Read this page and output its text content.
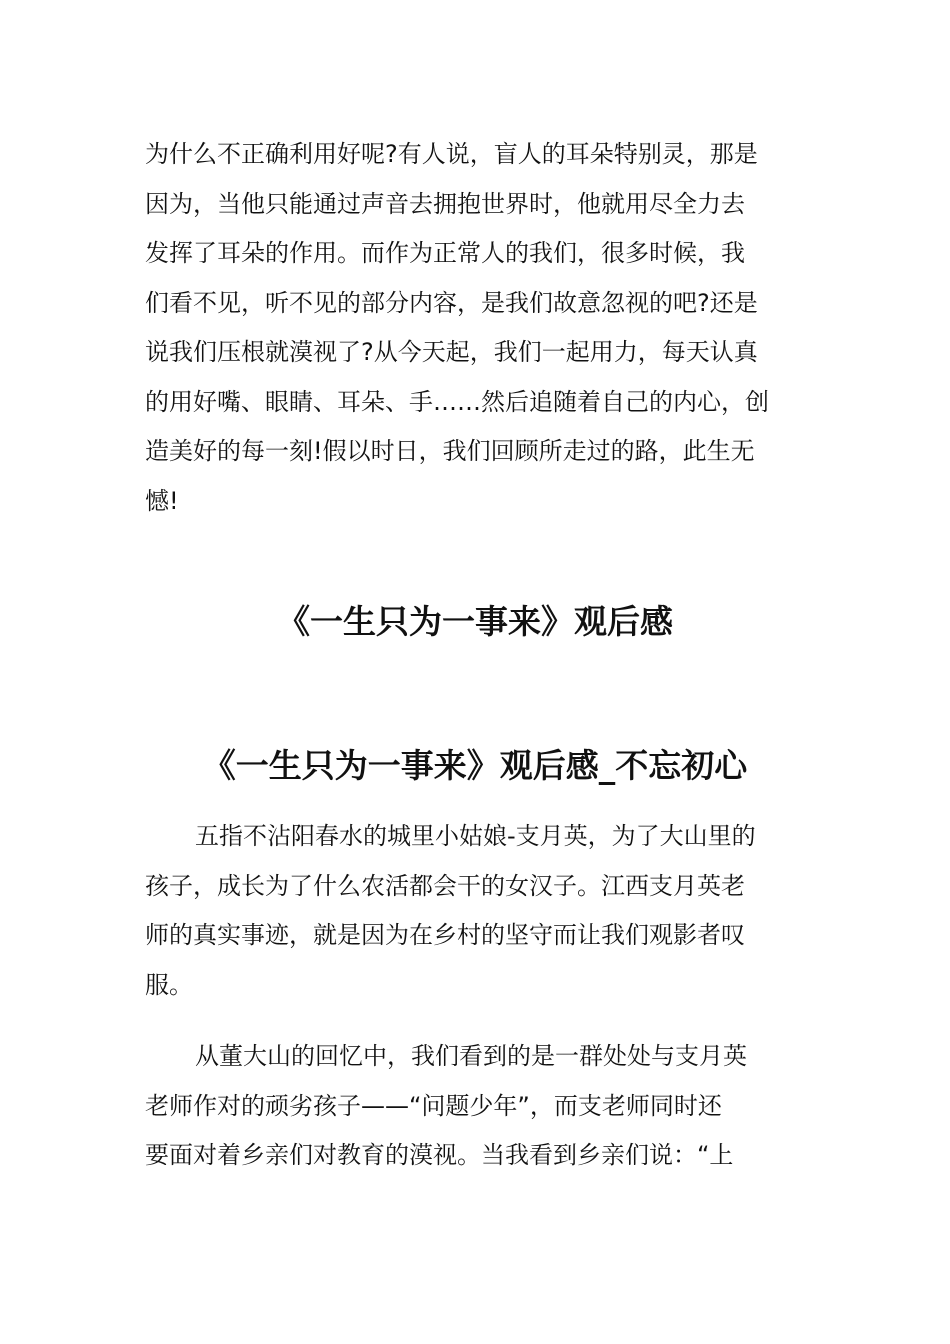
为什么不正确利用好呢?有人说，盲人的耳朵特别灵，那是
因为，当他只能通过声音去拥抱世界时，他就用尽全力去
发挥了耳朵的作用。而作为正常人的我们，很多时候，我
们看不见，听不见的部分内容，是我们故意忽视的吧?还是
说我们压根就漠视了?从今天起，我们一起用力，每天认真
的用好嘴、眼睛、耳朵、手……然后追随着自己的内心，创
造美好的每一刻!假以时日，我们回顾所走过的路，此生无
憾!
《一生只为一事来》观后感
《一生只为一事来》观后感_不忘初心
五指不沾阳春水的城里小姑娘-支月英，为了大山里的
孩子，成长为了什么农活都会干的女汉子。江西支月英老
师的真实事迹，就是因为在乡村的坚守而让我们观影者叹
服。
从董大山的回忆中，我们看到的是一群处处与支月英
老师作对的顽劣孩子——“问题少年”，而支老师同时还
要面对着乡亲们对教育的漠视。当我看到乡亲们说：“上
